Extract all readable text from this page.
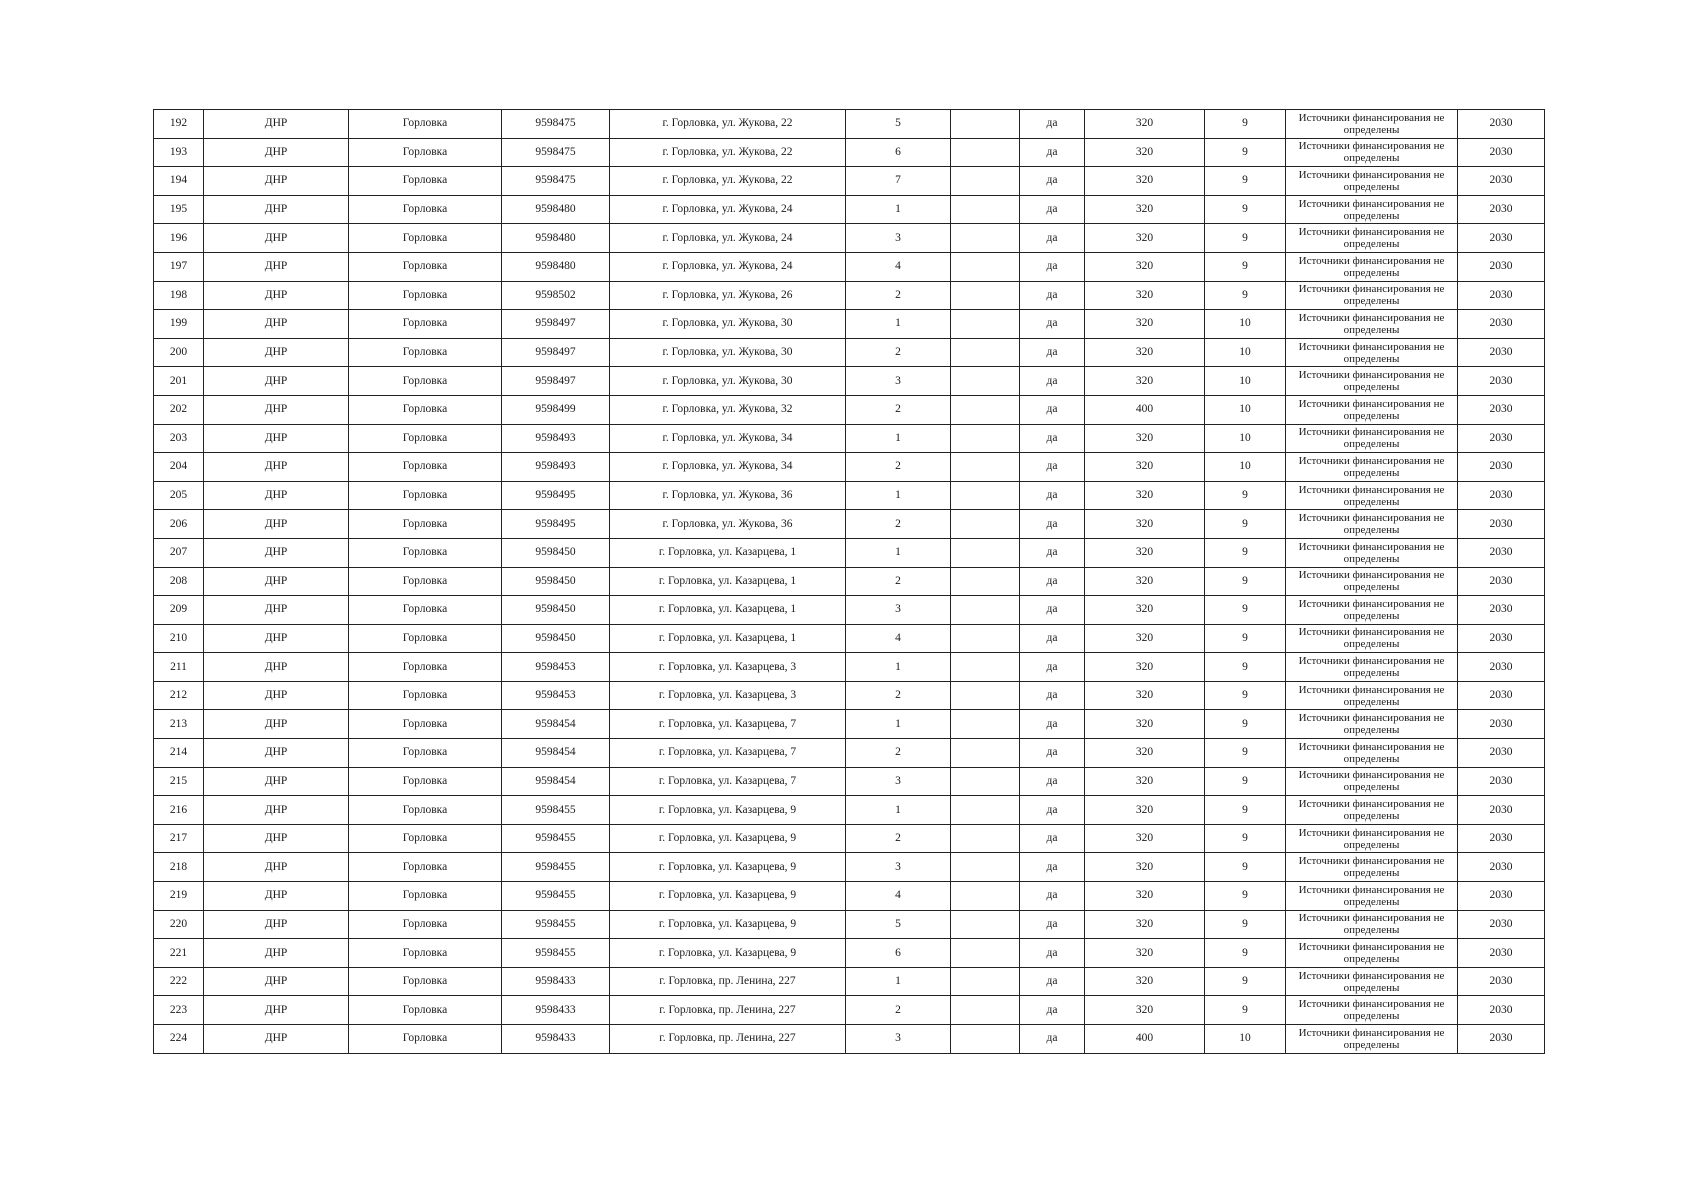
192	ДНР	Горловка	9598475	г. Горловка, ул. Жукова, 22	5		да	320	9	Источники финансирования не определены	2030
193	ДНР	Горловка	9598475	г. Горловка, ул. Жукова, 22	6		да	320	9	Источники финансирования не определены	2030
194	ДНР	Горловка	9598475	г. Горловка, ул. Жукова, 22	7		да	320	9	Источники финансирования не определены	2030
195	ДНР	Горловка	9598480	г. Горловка, ул. Жукова, 24	1		да	320	9	Источники финансирования не определены	2030
196	ДНР	Горловка	9598480	г. Горловка, ул. Жукова, 24	3		да	320	9	Источники финансирования не определены	2030
197	ДНР	Горловка	9598480	г. Горловка, ул. Жукова, 24	4		да	320	9	Источники финансирования не определены	2030
198	ДНР	Горловка	9598502	г. Горловка, ул. Жукова, 26	2		да	320	9	Источники финансирования не определены	2030
199	ДНР	Горловка	9598497	г. Горловка, ул. Жукова, 30	1		да	320	10	Источники финансирования не определены	2030
200	ДНР	Горловка	9598497	г. Горловка, ул. Жукова, 30	2		да	320	10	Источники финансирования не определены	2030
201	ДНР	Горловка	9598497	г. Горловка, ул. Жукова, 30	3		да	320	10	Источники финансирования не определены	2030
202	ДНР	Горловка	9598499	г. Горловка, ул. Жукова, 32	2		да	400	10	Источники финансирования не определены	2030
203	ДНР	Горловка	9598493	г. Горловка, ул. Жукова, 34	1		да	320	10	Источники финансирования не определены	2030
204	ДНР	Горловка	9598493	г. Горловка, ул. Жукова, 34	2		да	320	10	Источники финансирования не определены	2030
205	ДНР	Горловка	9598495	г. Горловка, ул. Жукова, 36	1		да	320	9	Источники финансирования не определены	2030
206	ДНР	Горловка	9598495	г. Горловка, ул. Жукова, 36	2		да	320	9	Источники финансирования не определены	2030
207	ДНР	Горловка	9598450	г. Горловка, ул. Казарцева, 1	1		да	320	9	Источники финансирования не определены	2030
208	ДНР	Горловка	9598450	г. Горловка, ул. Казарцева, 1	2		да	320	9	Источники финансирования не определены	2030
209	ДНР	Горловка	9598450	г. Горловка, ул. Казарцева, 1	3		да	320	9	Источники финансирования не определены	2030
210	ДНР	Горловка	9598450	г. Горловка, ул. Казарцева, 1	4		да	320	9	Источники финансирования не определены	2030
211	ДНР	Горловка	9598453	г. Горловка, ул. Казарцева, 3	1		да	320	9	Источники финансирования не определены	2030
212	ДНР	Горловка	9598453	г. Горловка, ул. Казарцева, 3	2		да	320	9	Источники финансирования не определены	2030
213	ДНР	Горловка	9598454	г. Горловка, ул. Казарцева, 7	1		да	320	9	Источники финансирования не определены	2030
214	ДНР	Горловка	9598454	г. Горловка, ул. Казарцева, 7	2		да	320	9	Источники финансирования не определены	2030
215	ДНР	Горловка	9598454	г. Горловка, ул. Казарцева, 7	3		да	320	9	Источники финансирования не определены	2030
216	ДНР	Горловка	9598455	г. Горловка, ул. Казарцева, 9	1		да	320	9	Источники финансирования не определены	2030
217	ДНР	Горловка	9598455	г. Горловка, ул. Казарцева, 9	2		да	320	9	Источники финансирования не определены	2030
218	ДНР	Горловка	9598455	г. Горловка, ул. Казарцева, 9	3		да	320	9	Источники финансирования не определены	2030
219	ДНР	Горловка	9598455	г. Горловка, ул. Казарцева, 9	4		да	320	9	Источники финансирования не определены	2030
220	ДНР	Горловка	9598455	г. Горловка, ул. Казарцева, 9	5		да	320	9	Источники финансирования не определены	2030
221	ДНР	Горловка	9598455	г. Горловка, ул. Казарцева, 9	6		да	320	9	Источники финансирования не определены	2030
222	ДНР	Горловка	9598433	г. Горловка, пр. Ленина, 227	1		да	320	9	Источники финансирования не определены	2030
223	ДНР	Горловка	9598433	г. Горловка, пр. Ленина, 227	2		да	320	9	Источники финансирования не определены	2030
224	ДНР	Горловка	9598433	г. Горловка, пр. Ленина, 227	3		да	400	10	Источники финансирования не определены	2030
